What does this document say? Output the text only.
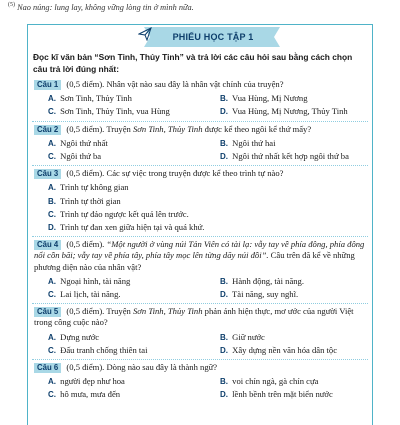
$^{(5)}$ Nao núng: lung lay, không vững lòng tin ở mình nữa.
PHIẾU HỌC TẬP 1
Đọc kĩ văn bản “Sơn Tinh, Thủy Tinh” và trả lời các câu hỏi sau bằng cách chọn câu trả lời đúng nhất:
Câu 1 (0,5 điểm). Nhân vật nào sau đây là nhân vật chính của truyện?
A. Sơn Tinh, Thủy Tinh	B. Vua Hùng, Mị Nương
C. Sơn Tinh, Thủy Tinh, vua Hùng	D. Vua Hùng, Mị Nương, Thủy Tinh
Câu 2 (0,5 điểm). Truyện Sơn Tinh, Thủy Tinh được kể theo ngôi kể thứ mấy?
A. Ngôi thứ nhất	B. Ngôi thứ hai
C. Ngôi thứ ba	D. Ngôi thứ nhất kết hợp ngôi thứ ba
Câu 3 (0,5 điểm). Các sự việc trong truyện được kể theo trình tự nào?
A. Trình tự không gian
B. Trình tự thời gian
C. Trình tự đảo ngược kết quả lên trước.
D. Trình tự đan xen giữa hiện tại và quá khứ.
Câu 4 (0,5 điểm). “Một người ở vùng núi Tản Viên có tài lạ: vẫy tay về phía đông, phía đông nổi cồn bãi; vẫy tay về phía tây, phía tây mọc lên từng dãy núi đồi”. Câu trên đã kể về những phương diện nào của nhân vật?
A. Ngoại hình, tài năng	B. Hành động, tài năng.
C. Lai lịch, tài năng.	D. Tài năng, suy nghĩ.
Câu 5 (0,5 điểm). Truyện Sơn Tinh, Thủy Tinh phản ánh hiện thực, mơ ước của người Việt trong công cuộc nào?
A. Dựng nước	B. Giữ nước
C. Đấu tranh chống thiên tai	D. Xây dựng nền văn hóa dân tộc
Câu 6 (0,5 điểm). Dòng nào sau đây là thành ngữ?
A. người đẹp như hoa	B. voi chín ngà, gà chín cựa
C. hô mưa, mưa đến	D. lềnh bềnh trên mặt biển nước
